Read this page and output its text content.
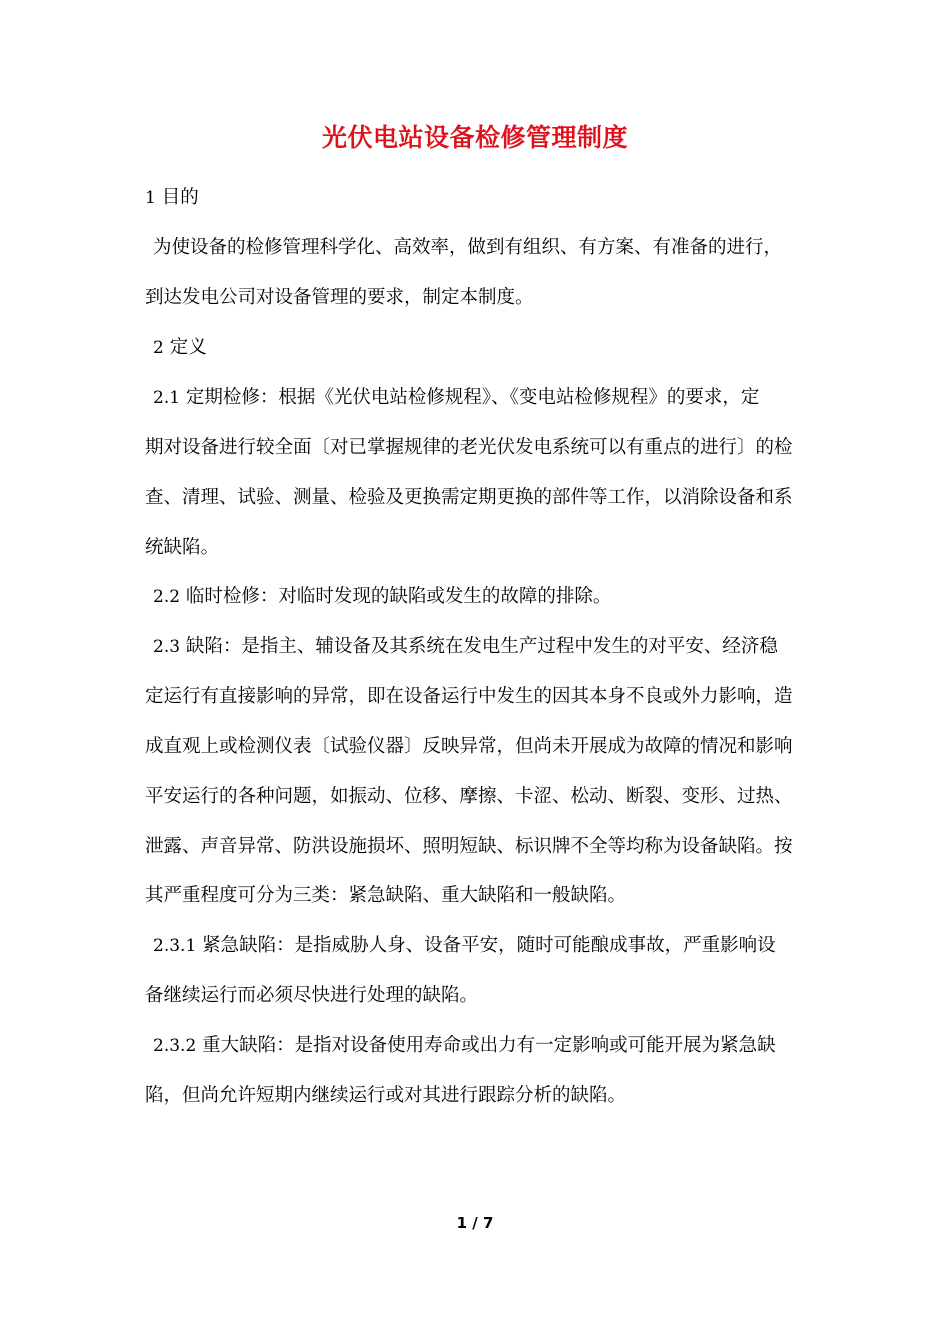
光伏电站设备检修管理制度
1 目的
为使设备的检修管理科学化、高效率，做到有组织、有方案、有准备的进行，
到达发电公司对设备管理的要求，制定本制度。
2 定义
2.1 定期检修：根据《光伏电站检修规程》、《变电站检修规程》的要求，定
期对设备进行较全面〔对已掌握规律的老光伏发电系统可以有重点的进行〕的检
查、清理、试验、测量、检验及更换需定期更换的部件等工作，以消除设备和系
统缺陷。
2.2 临时检修：对临时发现的缺陷或发生的故障的排除。
2.3 缺陷：是指主、辅设备及其系统在发电生产过程中发生的对平安、经济稳
定运行有直接影响的异常，即在设备运行中发生的因其本身不良或外力影响，造
成直观上或检测仪表〔试验仪器〕反映异常，但尚未开展成为故障的情况和影响
平安运行的各种问题，如振动、位移、摩擦、卡涩、松动、断裂、变形、过热、
泄露、声音异常、防洪设施损坏、照明短缺、标识牌不全等均称为设备缺陷。按
其严重程度可分为三类：紧急缺陷、重大缺陷和一般缺陷。
2.3.1 紧急缺陷：是指威胁人身、设备平安，随时可能酿成事故，严重影响设
备继续运行而必须尽快进行处理的缺陷。
2.3.2 重大缺陷：是指对设备使用寿命或出力有一定影响或可能开展为紧急缺
陷，但尚允许短期内继续运行或对其进行跟踪分析的缺陷。
1 / 7
